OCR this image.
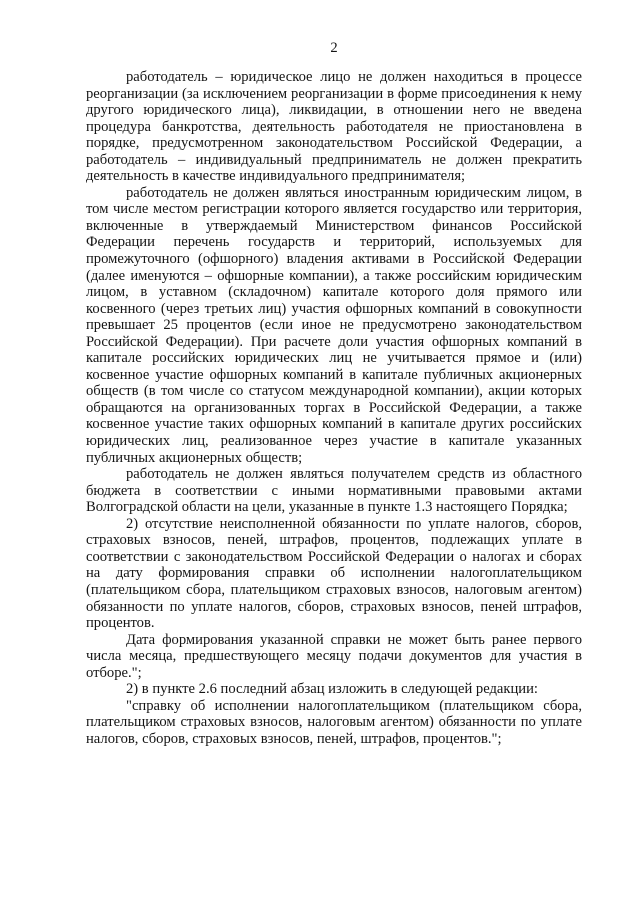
2

работодатель – юридическое лицо не должен находиться в процессе реорганизации (за исключением реорганизации в форме присоединения к нему другого юридического лица), ликвидации, в отношении него не введена процедура банкротства, деятельность работодателя не приостановлена в порядке, предусмотренном законодательством Российской Федерации, а работодатель – индивидуальный предприниматель не должен прекратить деятельность в качестве индивидуального предпринимателя;

работодатель не должен являться иностранным юридическим лицом, в том числе местом регистрации которого является государство или территория, включенные в утверждаемый Министерством финансов Российской Федерации перечень государств и территорий, используемых для промежуточного (офшорного) владения активами в Российской Федерации (далее именуются – офшорные компании), а также российским юридическим лицом, в уставном (складочном) капитале которого доля прямого или косвенного (через третьих лиц) участия офшорных компаний в совокупности превышает 25 процентов (если иное не предусмотрено законодательством Российской Федерации). При расчете доли участия офшорных компаний в капитале российских юридических лиц не учитывается прямое и (или) косвенное участие офшорных компаний в капитале публичных акционерных обществ (в том числе со статусом международной компании), акции которых обращаются на организованных торгах в Российской Федерации, а также косвенное участие таких офшорных компаний в капитале других российских юридических лиц, реализованное через участие в капитале указанных публичных акционерных обществ;

работодатель не должен являться получателем средств из областного бюджета в соответствии с иными нормативными правовыми актами Волгоградской области на цели, указанные в пункте 1.3 настоящего Порядка;

2) отсутствие неисполненной обязанности по уплате налогов, сборов, страховых взносов, пеней, штрафов, процентов, подлежащих уплате в соответствии с законодательством Российской Федерации о налогах и сборах на дату формирования справки об исполнении налогоплательщиком (плательщиком сбора, плательщиком страховых взносов, налоговым агентом) обязанности по уплате налогов, сборов, страховых взносов, пеней штрафов, процентов.

Дата формирования указанной справки не может быть ранее первого числа месяца, предшествующего месяцу подачи документов для участия в отборе.";

2) в пункте 2.6 последний абзац изложить в следующей редакции:

"справку об исполнении налогоплательщиком (плательщиком сбора, плательщиком страховых взносов, налоговым агентом) обязанности по уплате налогов, сборов, страховых взносов, пеней, штрафов, процентов.";
